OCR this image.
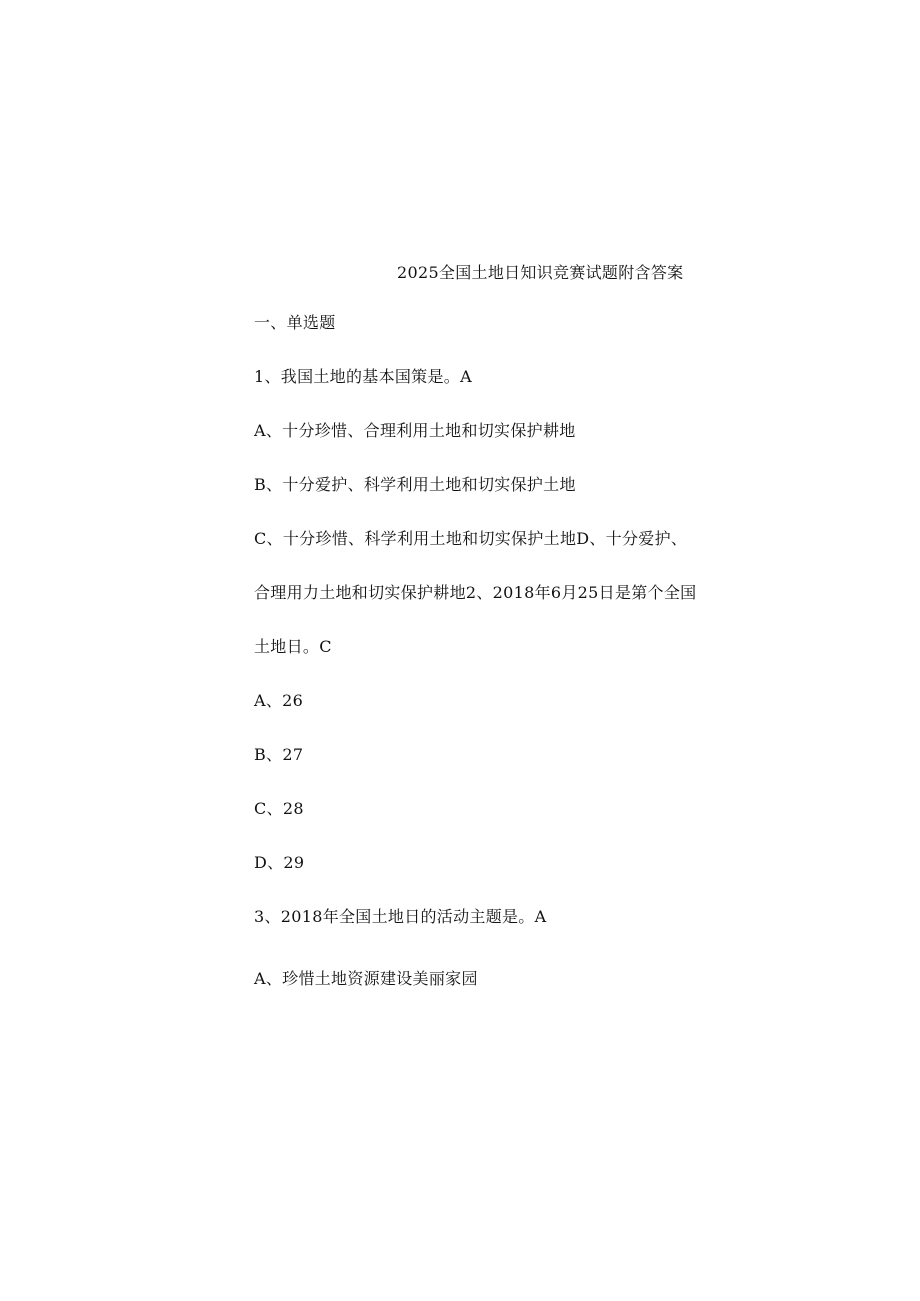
2025全国土地日知识竞赛试题附含答案
一、单选题
1、我国土地的基本国策是。A
A、十分珍惜、合理利用土地和切实保护耕地
B、十分爱护、科学利用土地和切实保护土地
C、十分珍惜、科学利用土地和切实保护土地D、十分爱护、
合理用力土地和切实保护耕地2、2018年6月25日是第个全国
土地日。C
A、26
B、27
C、28
D、29
3、2018年全国土地日的活动主题是。A
A、珍惜土地资源建设美丽家园
